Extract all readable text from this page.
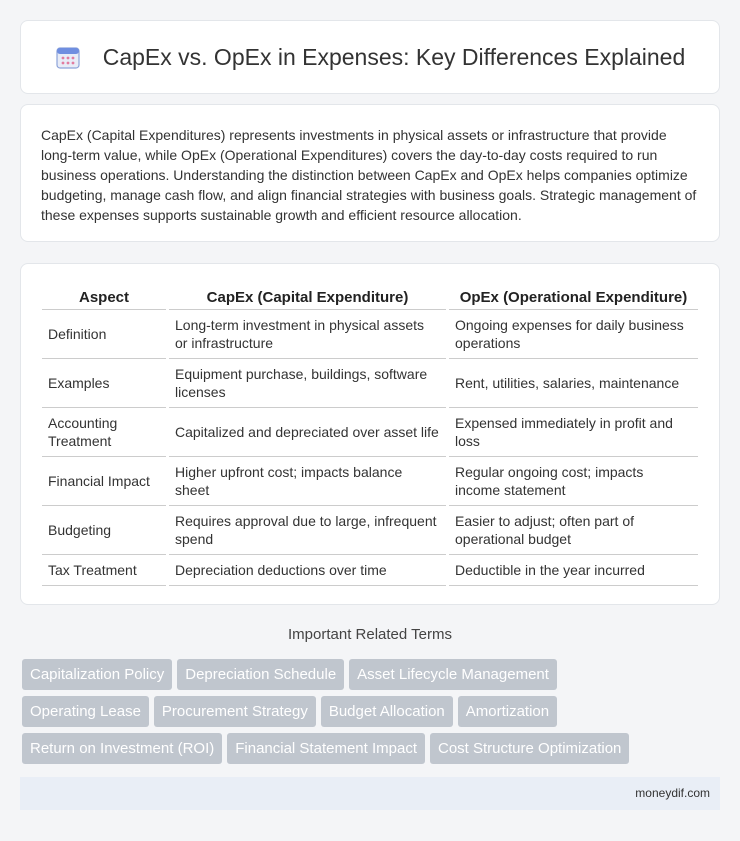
CapEx vs. OpEx in Expenses: Key Differences Explained

CapEx (Capital Expenditures) represents investments in physical assets or infrastructure that provide long-term value, while OpEx (Operational Expenditures) covers the day-to-day costs required to run business operations. Understanding the distinction between CapEx and OpEx helps companies optimize budgeting, manage cash flow, and align financial strategies with business goals. Strategic management of these expenses supports sustainable growth and efficient resource allocation.

Aspect	CapEx (Capital Expenditure)	OpEx (Operational Expenditure)
Definition	Long-term investment in physical assets or infrastructure	Ongoing expenses for daily business operations
Examples	Equipment purchase, buildings, software licenses	Rent, utilities, salaries, maintenance
Accounting Treatment	Capitalized and depreciated over asset life	Expensed immediately in profit and loss
Financial Impact	Higher upfront cost; impacts balance sheet	Regular ongoing cost; impacts income statement
Budgeting	Requires approval due to large, infrequent spend	Easier to adjust; often part of operational budget
Tax Treatment	Depreciation deductions over time	Deductible in the year incurred
Important Related Terms
Capitalization Policy	Depreciation Schedule	Asset Lifecycle Management
Operating Lease	Procurement Strategy	Budget Allocation	Amortization
Return on Investment (ROI)	Financial Statement Impact	Cost Structure Optimization
moneydif.com
